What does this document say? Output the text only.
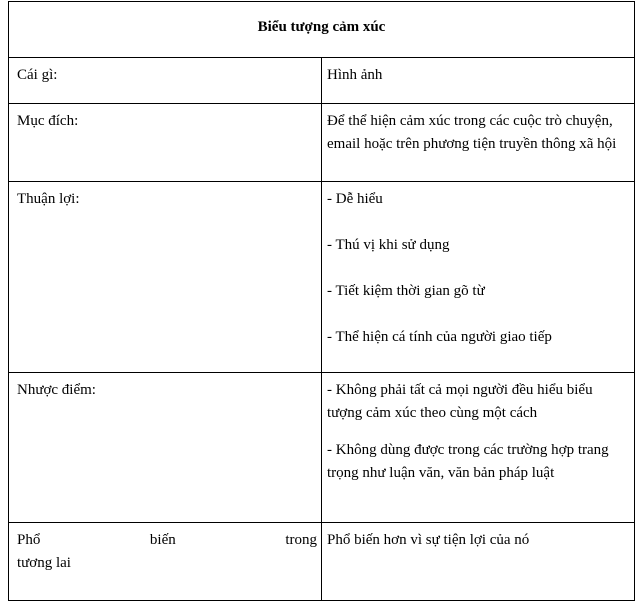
Biểu tượng cảm xúc	
Cái gì:	Hình ảnh
Mục đích:	Để thể hiện cảm xúc trong các cuộc trò chuyện, email hoặc trên phương tiện truyền thông xã hội
Thuận lợi:	- Dễ hiểu

- Thú vị khi sử dụng

- Tiết kiệm thời gian gõ từ

- Thể hiện cá tính của người giao tiếp

Nhược điểm:	- Không phải tất cả mọi người đều hiểu biểu tượng cảm xúc theo cùng một cách

- Không dùng được trong các trường hợp trang trọng như luận văn, văn bản pháp luật

Phổ biến trong
tương lai	Phổ biến hơn vì sự tiện lợi của nó
